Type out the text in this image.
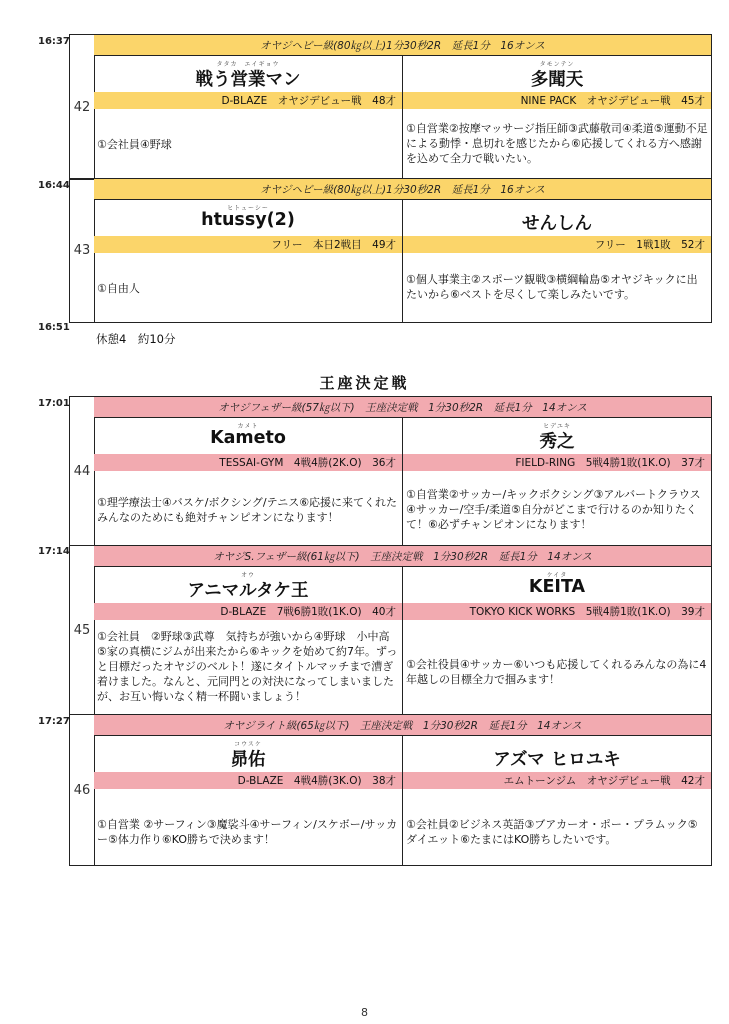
16:37
16:44
16:51
17:01
17:14
17:27
42
オヤジヘビー級(80㎏以上)1分30秒2R　延長1分　16オンス
タタカ　エイギョウ
戦う営業マン
D-BLAZE　オヤジデビュー戦　48才
①会社員④野球
タモンテン
多聞天
NINE PACK　オヤジデビュー戦　45才
①自営業②按摩マッサージ指圧師③武藤敬司④柔道⑤運動不足による動悸・息切れを感じたから⑥応援してくれる方へ感謝を込めて全力で戦いたい。
43
オヤジヘビー級(80㎏以上)1分30秒2R　延長1分　16オンス
ヒトューシー
htussy(2)
フリー　本日2戦目　49才
①自由人
せんしん
フリー　1戦1敗　52才
①個人事業主②スポーツ観戦③横綱輪島⑤オヤジキックに出たいから⑥ベストを尽くして楽しみたいです。
休憩4　約10分
王座決定戦
44
オヤジフェザー級(57㎏以下)　王座決定戦　1分30秒2R　延長1分　14オンス
カメト
Kameto
TESSAI-GYM　4戦4勝(2K.O)　36才
①理学療法士④バスケ/ボクシング/テニス⑥応援に来てくれたみんなのためにも絶対チャンピオンになります！
ヒデユキ
秀之
FIELD-RING　5戦4勝1敗(1K.O)　37才
①自営業②サッカー/キックボクシング③アルバートクラウス④サッカー/空手/柔道⑤自分がどこまで行けるのか知りたくて！⑥必ずチャンピオンになります！
45
オヤジS.フェザー級(61㎏以下)　王座決定戦　1分30秒2R　延長1分　14オンス
オウ
アニマルタケ王
D-BLAZE　7戦6勝1敗(1K.O)　40才
①会社員　②野球③武尊　気持ちが強いから④野球　小中高⑤家の真横にジムが出来たから⑥キックを始めて約7年。ずっと目標だったオヤジのベルト！遂にタイトルマッチまで漕ぎ着けました。なんと、元同門との対決になってしまいましたが、お互い悔いなく精一杯闘いましょう！
ケイタ
KEITA
TOKYO KICK WORKS　5戦4勝1敗(1K.O)　39才
①会社役員④サッカー⑥いつも応援してくれるみんなの為に4年越しの目標全力で掴みます！
46
オヤジライト級(65㎏以下)　王座決定戦　1分30秒2R　延長1分　14オンス
コウスケ
昴佑
D-BLAZE　4戦4勝(3K.O)　38才
①自営業 ②サーフィン③魔裟斗④サーフィン/スケボー/サッカー⑤体力作り⑥KO勝ちで決めます！
アズマ ヒロユキ
エムトーンジム　オヤジデビュー戦　42才
①会社員②ビジネス英語③ブアカーオ・ポー・プラムック⑤ダイエット⑥たまにはKO勝ちしたいです。
8
